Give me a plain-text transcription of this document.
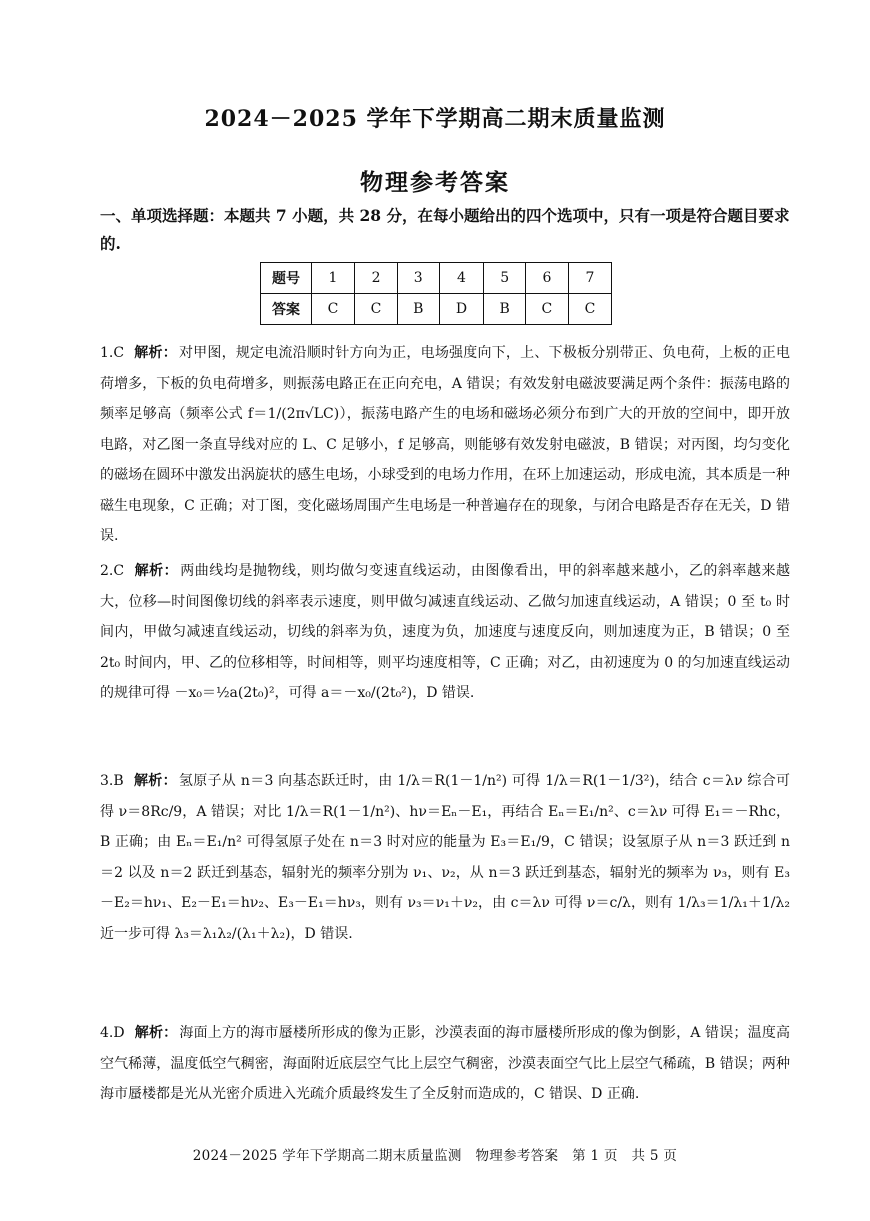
2024－2025 学年下学期高二期末质量监测
物理参考答案
一、单项选择题：本题共 7 小题，共 28 分，在每小题给出的四个选项中，只有一项是符合题目要求的.
题号	1	2	3	4	5	6	7
答案	C	C	B	D	B	C	C
1.C 解析： 对甲图，规定电流沿顺时针方向为正，电场强度向下，上、下极板分别带正、负电荷，上板的正电荷增多，下板的负电荷增多，则振荡电路正在正向充电，A 错误；有效发射电磁波要满足两个条件：振荡电路的频率足够高（频率公式 f＝1/(2π√LC)），振荡电路产生的电场和磁场必须分布到广大的开放的空间中，即开放电路，对乙图一条直导线对应的 L、C 足够小，f 足够高，则能够有效发射电磁波，B 错误；对丙图，均匀变化的磁场在圆环中激发出涡旋状的感生电场，小球受到的电场力作用，在环上加速运动，形成电流，其本质是一种磁生电现象，C 正确；对丁图，变化磁场周围产生电场是一种普遍存在的现象，与闭合电路是否存在无关，D 错误.
2.C 解析： 两曲线均是抛物线，则均做匀变速直线运动，由图像看出，甲的斜率越来越小，乙的斜率越来越大，位移—时间图像切线的斜率表示速度，则甲做匀减速直线运动、乙做匀加速直线运动，A 错误；0 至 t₀ 时间内，甲做匀减速直线运动，切线的斜率为负，速度为负，加速度与速度反向，则加速度为正，B 错误；0 至 2t₀ 时间内，甲、乙的位移相等，时间相等，则平均速度相等，C 正确；对乙，由初速度为 0 的匀加速直线运动的规律可得 －x₀＝½a(2t₀)²，可得 a＝－x₀/(2t₀²)，D 错误.
3.B 解析： 氢原子从 n＝3 向基态跃迁时，由 1/λ＝R(1－1/n²) 可得 1/λ＝R(1－1/3²)，结合 c＝λν 综合可得 ν＝8Rc/9，A 错误；对比 1/λ＝R(1－1/n²)、hν＝Eₙ－E₁，再结合 Eₙ＝E₁/n²、c＝λν 可得 E₁＝－Rhc，B 正确；由 Eₙ＝E₁/n² 可得氢原子处在 n＝3 时对应的能量为 E₃＝E₁/9，C 错误；设氢原子从 n＝3 跃迁到 n＝2 以及 n＝2 跃迁到基态，辐射光的频率分别为 ν₁、ν₂，从 n＝3 跃迁到基态，辐射光的频率为 ν₃，则有 E₃－E₂＝hν₁、E₂－E₁＝hν₂、E₃－E₁＝hν₃，则有 ν₃＝ν₁＋ν₂，由 c＝λν 可得 ν＝c/λ，则有 1/λ₃＝1/λ₁＋1/λ₂ 近一步可得 λ₃＝λ₁λ₂/(λ₁＋λ₂)，D 错误.
4.D 解析： 海面上方的海市蜃楼所形成的像为正影，沙漠表面的海市蜃楼所形成的像为倒影，A 错误；温度高空气稀薄，温度低空气稠密，海面附近底层空气比上层空气稠密，沙漠表面空气比上层空气稀疏，B 错误；两种海市蜃楼都是光从光密介质进入光疏介质最终发生了全反射而造成的，C 错误、D 正确.
2024－2025 学年下学期高二期末质量监测　物理参考答案　第 1 页　共 5 页
